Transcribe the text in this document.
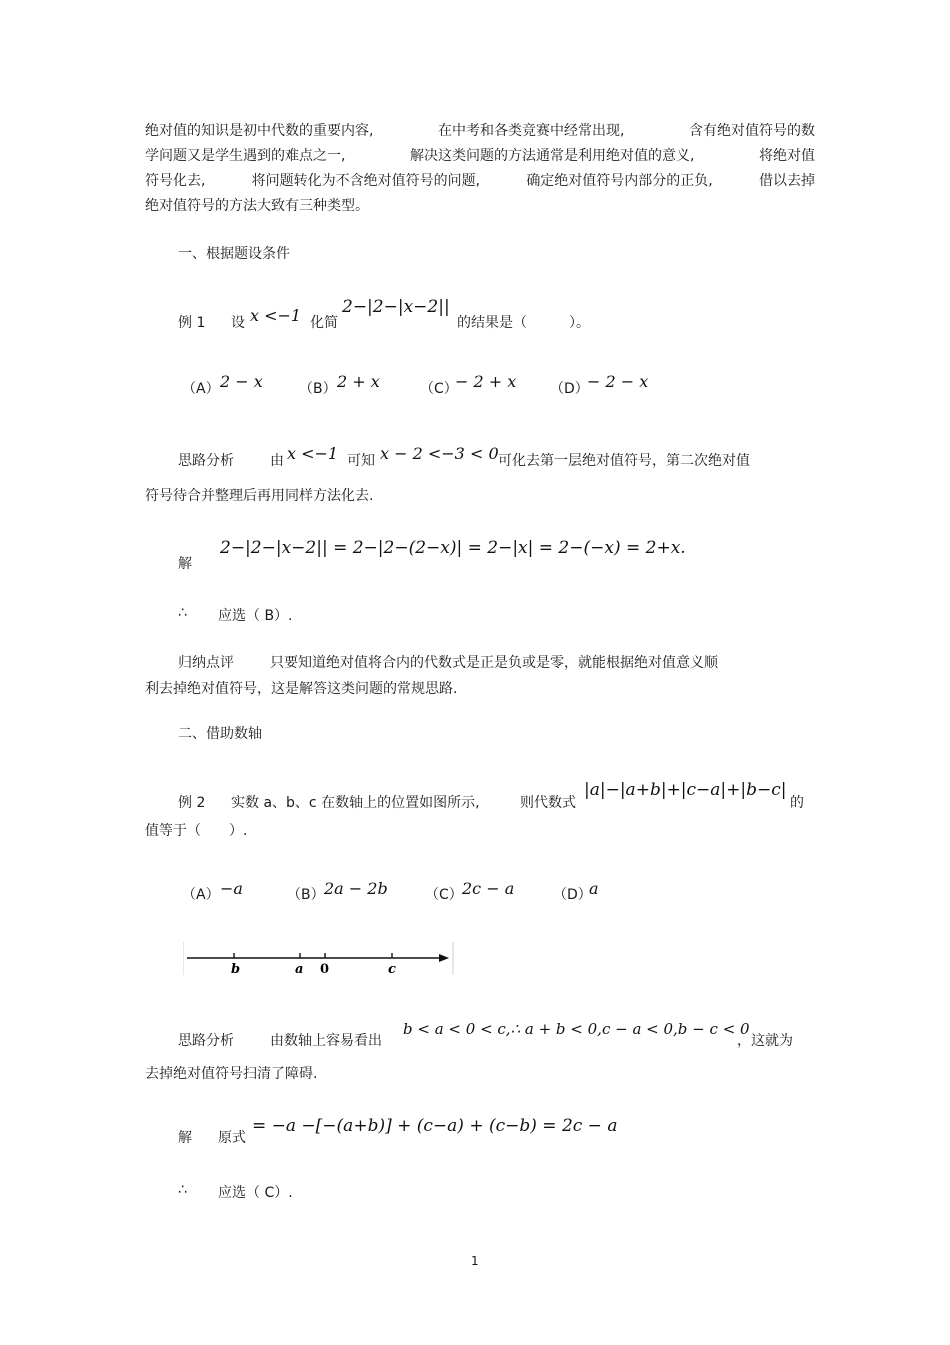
绝对值的知识是初中代数的重要内容,	在中考和各类竞赛中经常出现,	含有绝对值符号的数
学问题又是学生遇到的难点之一,	解决这类问题的方法通常是利用绝对值的意义,	将绝对值
符号化去,	将问题转化为不含绝对值符号的问题,	确定绝对值符号内部分的正负,	借以去掉
绝对值符号的方法大致有三种类型。
一、根据题设条件
例 1 设 x <−1 化简
2−|2−|x−2||
的结果是（　　　）。
（A） 2 − x	（B） 2 + x	（C）
− 2 + x （D）
− 2 − x
思路分析	由 x <−1 可知 x − 2 <−3 < 0 可化去第一层绝对值符号，第二次绝对值
符号待合并整理后再用同样方法化去.
解
2−|2−|x−2|| = 2−|2−(2−x)| = 2−|x| = 2−(−x) = 2+x.
∴ 应选（ B）.
归纳点评	只要知道绝对值将合内的代数式是正是负或是零，就能根据绝对值意义顺
利去掉绝对值符号，这是解答这类问题的常规思路.
二、借助数轴
例 2 实数 a、b、c 在数轴上的位置如图所示,	则代数式
|a|−|a+b|+|c−a|+|b−c|
的
值等于（　　）.
（A） −a	（B） 2a − 2b	（C） 2c − a	（D）
a
b	a 0	c
思路分析	由数轴上容易看出
b < a < 0 < c,∴ a + b < 0,c − a < 0,b − c < 0
，这就为
去掉绝对值符号扫清了障碍.
解 原式
= −a −[−(a+b)] + (c−a) + (c−b) = 2c − a
∴ 应选（ C）.
1
